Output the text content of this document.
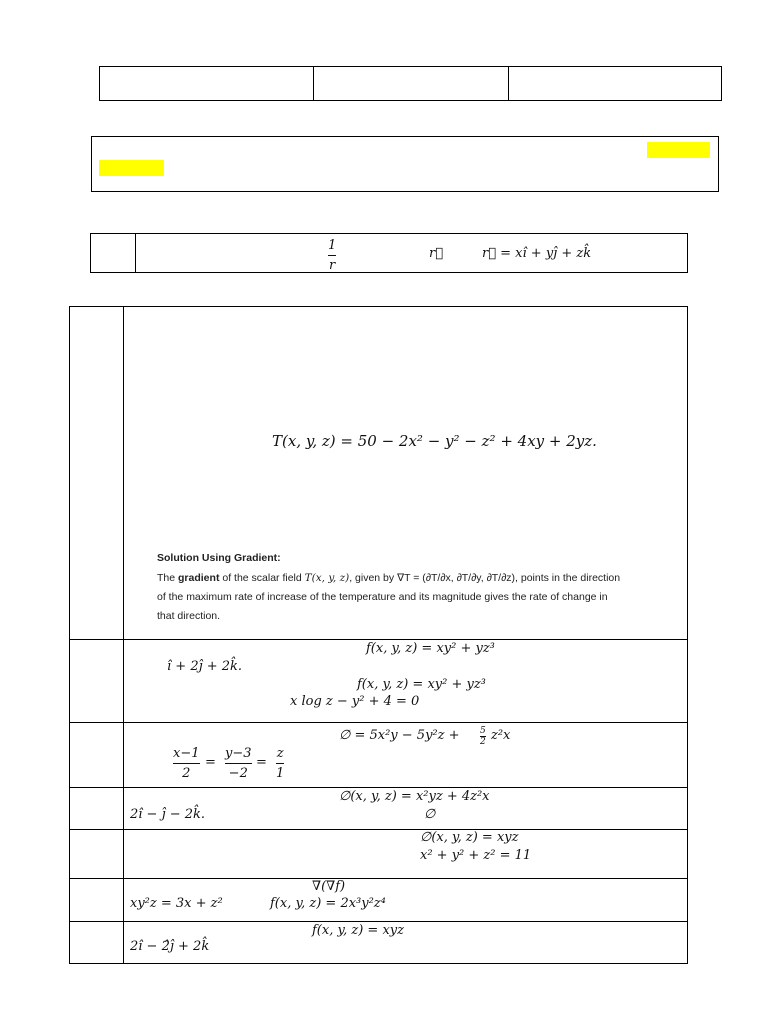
1
r
r⃗	r⃗ = xî + yĵ + zk̂
T(x, y, z) = 50 − 2x² − y² − z² + 4xy + 2yz.
Solution Using Gradient:
The gradient of the scalar field T(x, y, z), given by ∇T = (∂T/∂x, ∂T/∂y, ∂T/∂z), points in the direction
of the maximum rate of increase of the temperature and its magnitude gives the rate of change in
that direction.
f(x, y, z) = xy² + yz³
î + 2ĵ + 2k̂.
f(x, y, z) = xy² + yz³
x log z − y² + 4 = 0
∅ = 5x²y − 5y²z + 5
2 z²x
x−1
2
=
y−3
−2
=
z
1
∅(x, y, z) = x²yz + 4z²x
2î − ĵ − 2k̂.	∅
∅(x, y, z) = xyz
x² + y² + z² = 11
∇(∇f)
xy²z = 3x + z²	f(x, y, z) = 2x³y²z⁴
f(x, y, z) = xyz
2î − 2̂ĵ + 2k̂
